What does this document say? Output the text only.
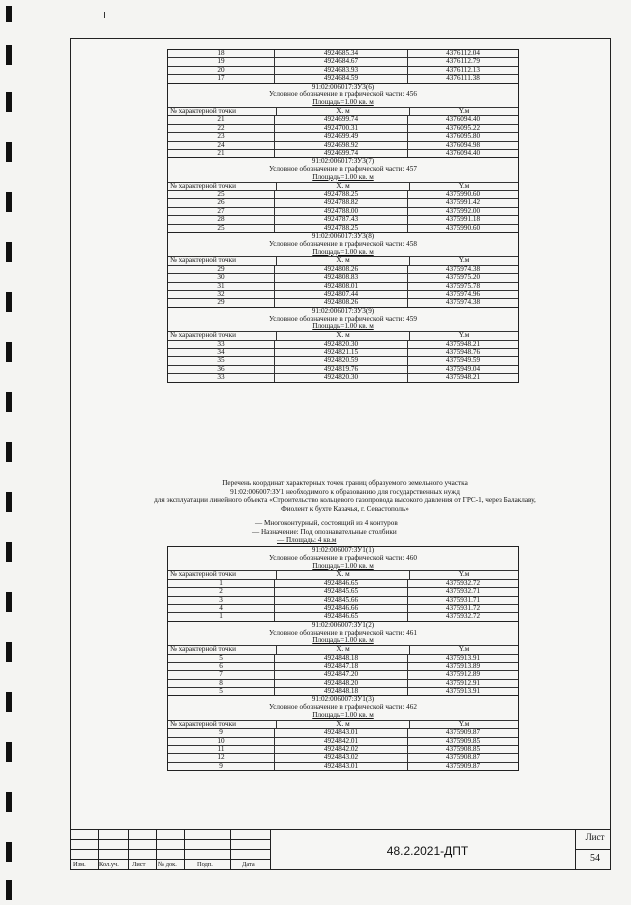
18	4924685.34	4376112.04
19	4924684.67	4376112.79
20	4924683.93	4376112.13
17	4924684.59	4376111.38
91:02:006017:ЗУ3(6)
Условное обозначение в графической части: 456
Площадь=1.00 кв. м
№ характерной точки	X. м	Y.м
21	4924699.74	4376094.40
22	4924700.31	4376095.22
23	4924699.49	4376095.80
24	4924698.92	4376094.98
21	4924699.74	4376094.40
91:02:006017:ЗУ3(7)
Условное обозначение в графической части: 457
Площадь=1.00 кв. м
№ характерной точки	X. м	Y.м
25	4924788.25	4375990.60
26	4924788.82	4375991.42
27	4924788.00	4375992.00
28	4924787.43	4375991.18
25	4924788.25	4375990.60
91:02:006017:ЗУ3(8)
Условное обозначение в графической части: 458
Площадь=1.00 кв. м
№ характерной точки	X. м	Y.м
29	4924808.26	4375974.38
30	4924808.83	4375975.20
31	4924808.01	4375975.78
32	4924807.44	4375974.96
29	4924808.26	4375974.38
91:02:006017:ЗУ3(9)
Условное обозначение в графической части: 459
Площадь=1.00 кв. м
№ характерной точки	X. м	Y.м
33	4924820.30	4375948.21
34	4924821.15	4375948.76
35	4924820.59	4375949.59
36	4924819.76	4375949.04
33	4924820.30	4375948.21
Перечень координат характерных точек границ образуемого земельного участка
91:02:006007:ЗУ1 необходимого к образованию для государственных нужд
для эксплуатации линейного объекта «Строительство кольцевого газопровода высокого давления от ГРС-1, через Балаклаву,
Фиолент к бухте Казачья, г. Севастополь»
— Многоконтурный, состоящий из 4 контуров
— Назначение: Под опознавательные столбики
— Площадь: 4 кв.м
91:02:006007:ЗУ1(1)
Условное обозначение в графической части: 460
Площадь=1.00 кв. м
№ характерной точки	X. м	Y.м
1	4924846.65	4375932.72
2	4924845.65	4375932.71
3	4924845.66	4375931.71
4	4924846.66	4375931.72
1	4924846.65	4375932.72
91:02:006007:ЗУ1(2)
Условное обозначение в графической части: 461
Площадь=1.00 кв. м
№ характерной точки	X. м	Y.м
5	4924848.18	4375913.91
6	4924847.18	4375913.89
7	4924847.20	4375912.89
8	4924848.20	4375912.91
5	4924848.18	4375913.91
91:02:006007:ЗУ1(3)
Условное обозначение в графической части: 462
Площадь=1.00 кв. м
№ характерной точки	X. м	Y.м
9	4924843.01	4375909.87
10	4924842.01	4375909.85
11	4924842.02	4375908.85
12	4924843.02	4375908.87
9	4924843.01	4375909.87
Изм. Кол.уч. Лист № док.	Подп.	Дата
48.2.2021-ДПТ
Лист
54
